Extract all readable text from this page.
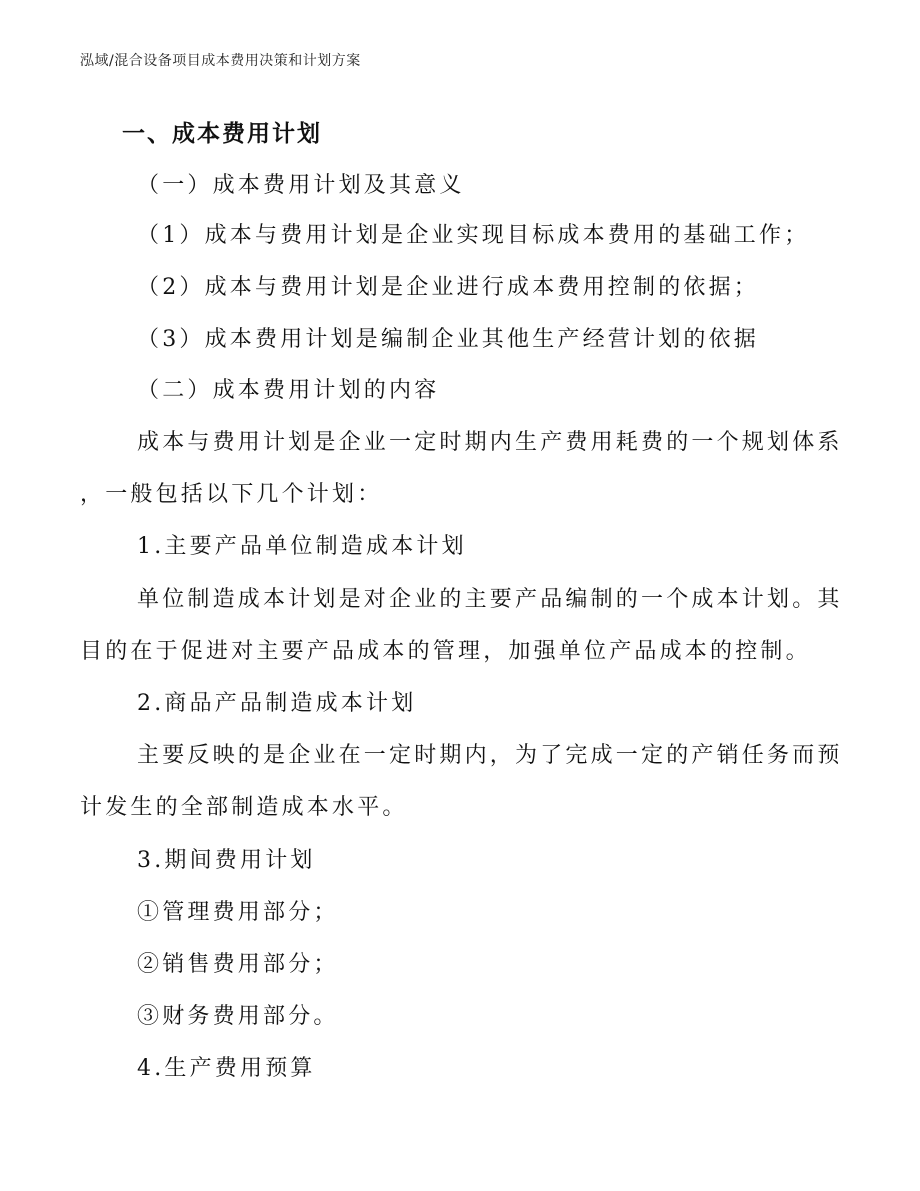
泓域/混合设备项目成本费用决策和计划方案
一、成本费用计划
（一）成本费用计划及其意义
（1）成本与费用计划是企业实现目标成本费用的基础工作；
（2）成本与费用计划是企业进行成本费用控制的依据；
（3）成本费用计划是编制企业其他生产经营计划的依据
（二）成本费用计划的内容
成本与费用计划是企业一定时期内生产费用耗费的一个规划体系
，一般包括以下几个计划：
1.主要产品单位制造成本计划
单位制造成本计划是对企业的主要产品编制的一个成本计划。其
目的在于促进对主要产品成本的管理，加强单位产品成本的控制。
2.商品产品制造成本计划
主要反映的是企业在一定时期内，为了完成一定的产销任务而预
计发生的全部制造成本水平。
3.期间费用计划
①管理费用部分；
②销售费用部分；
③财务费用部分。
4.生产费用预算
